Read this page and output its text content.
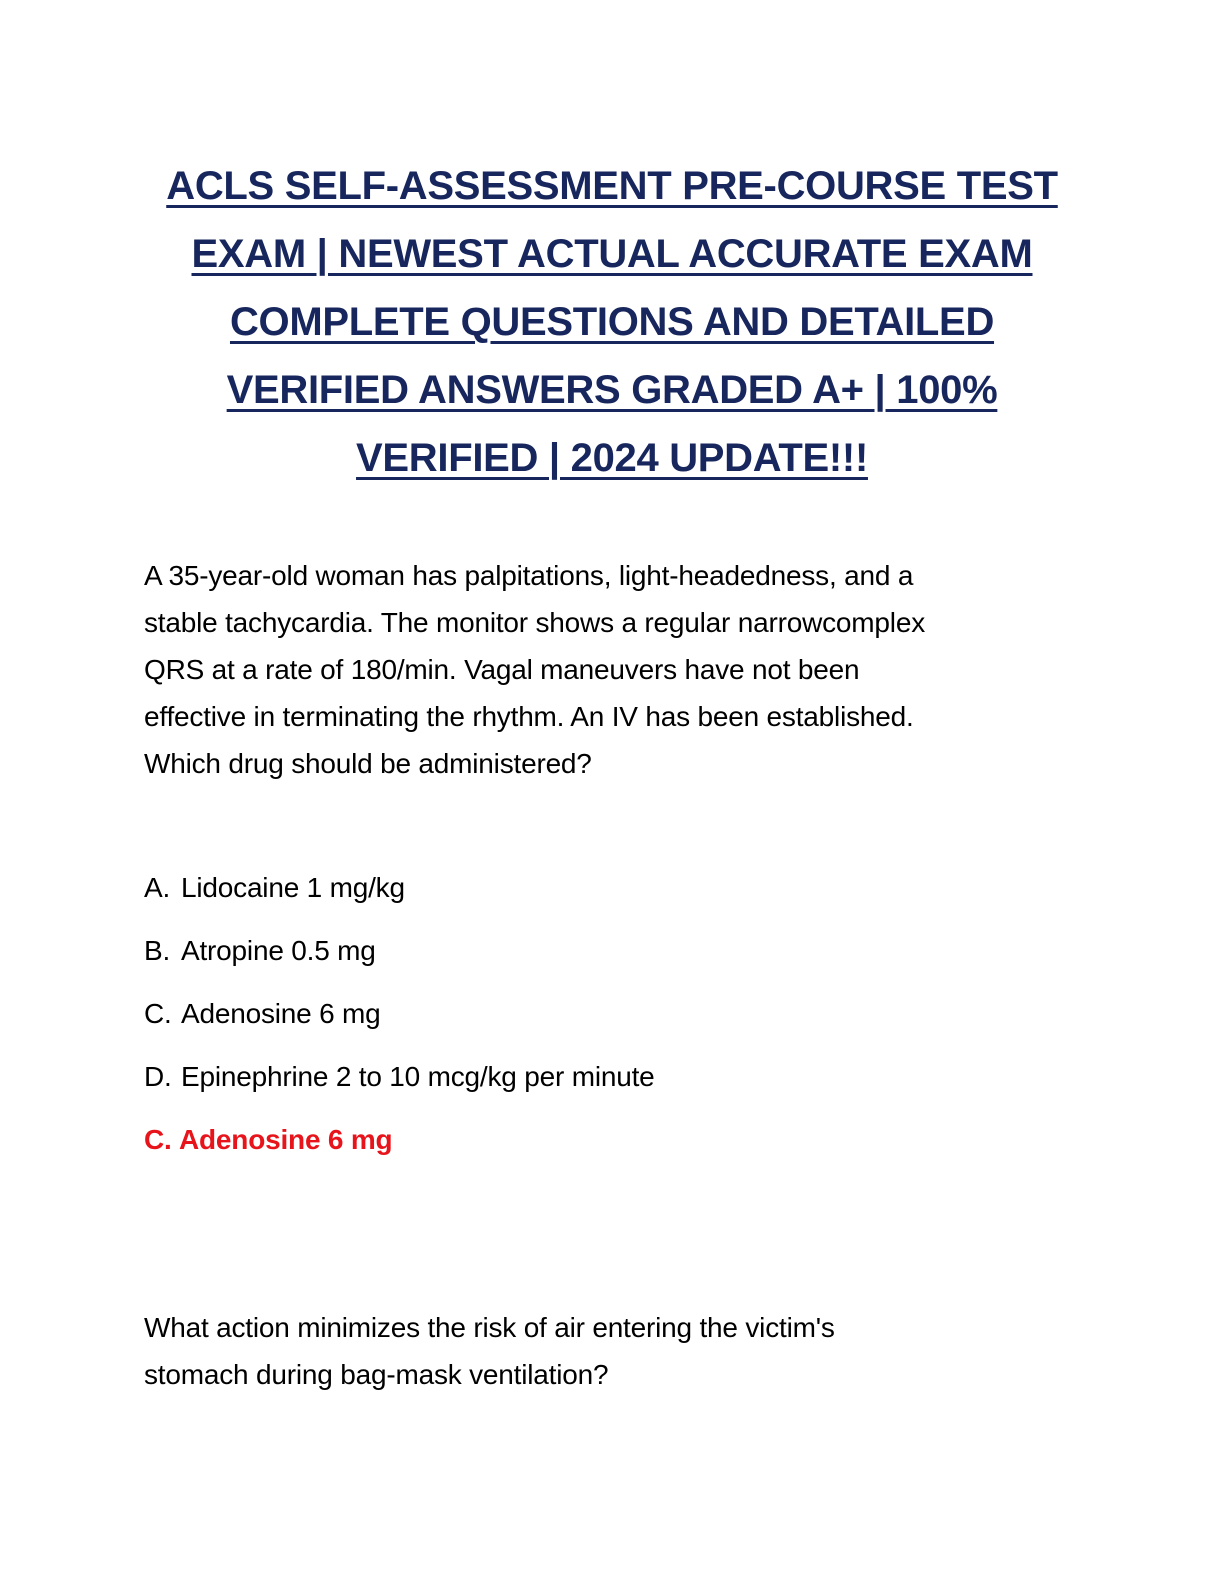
ACLS SELF-ASSESSMENT PRE-COURSE TEST
EXAM | NEWEST ACTUAL ACCURATE EXAM
COMPLETE QUESTIONS AND DETAILED
VERIFIED ANSWERS GRADED A+ | 100%
VERIFIED | 2024 UPDATE!!!
A 35-year-old woman has palpitations, light-headedness, and a
stable tachycardia. The monitor shows a regular narrowcomplex
QRS at a rate of 180/min. Vagal maneuvers have not been
effective in terminating the rhythm. An IV has been established.
Which drug should be administered?
A. Lidocaine 1 mg/kg
B. Atropine 0.5 mg
C. Adenosine 6 mg
D. Epinephrine 2 to 10 mcg/kg per minute
C. Adenosine 6 mg
What action minimizes the risk of air entering the victim's
stomach during bag-mask ventilation?
